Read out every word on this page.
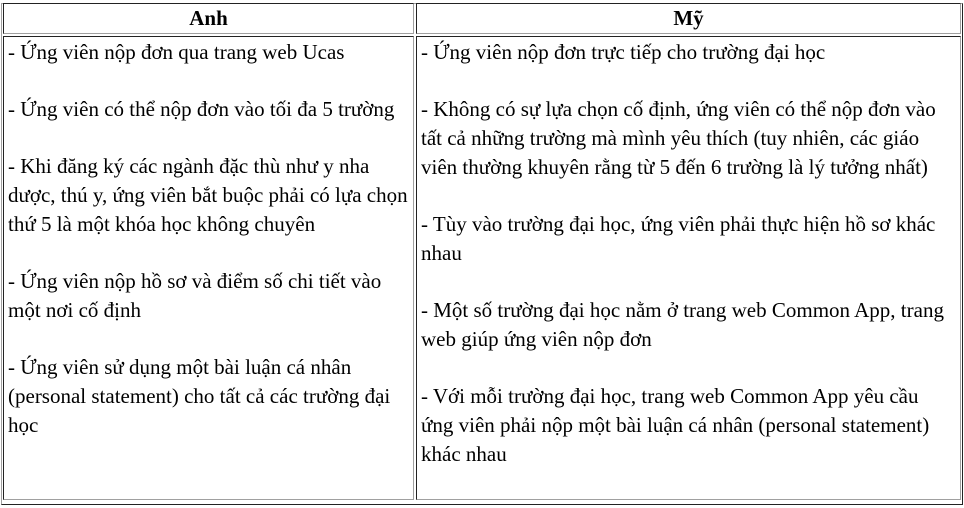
Anh	Mỹ

- Ứng viên nộp đơn qua trang web Ucas

- Ứng viên có thể nộp đơn vào tối đa 5 trường

- Khi đăng ký các ngành đặc thù như y nha dược, thú y, ứng viên bắt buộc phải có lựa chọn thứ 5 là một khóa học không chuyên

- Ứng viên nộp hồ sơ và điểm số chi tiết vào một nơi cố định

- Ứng viên sử dụng một bài luận cá nhân (personal statement) cho tất cả các trường đại học

- Ứng viên nộp đơn trực tiếp cho trường đại học

- Không có sự lựa chọn cố định, ứng viên có thể nộp đơn vào tất cả những trường mà mình yêu thích (tuy nhiên, các giáo viên thường khuyên rằng từ 5 đến 6 trường là lý tưởng nhất)

- Tùy vào trường đại học, ứng viên phải thực hiện hồ sơ khác nhau

- Một số trường đại học nằm ở trang web Common App, trang web giúp ứng viên nộp đơn

- Với mỗi trường đại học, trang web Common App yêu cầu ứng viên phải nộp một bài luận cá nhân (personal statement) khác nhau
